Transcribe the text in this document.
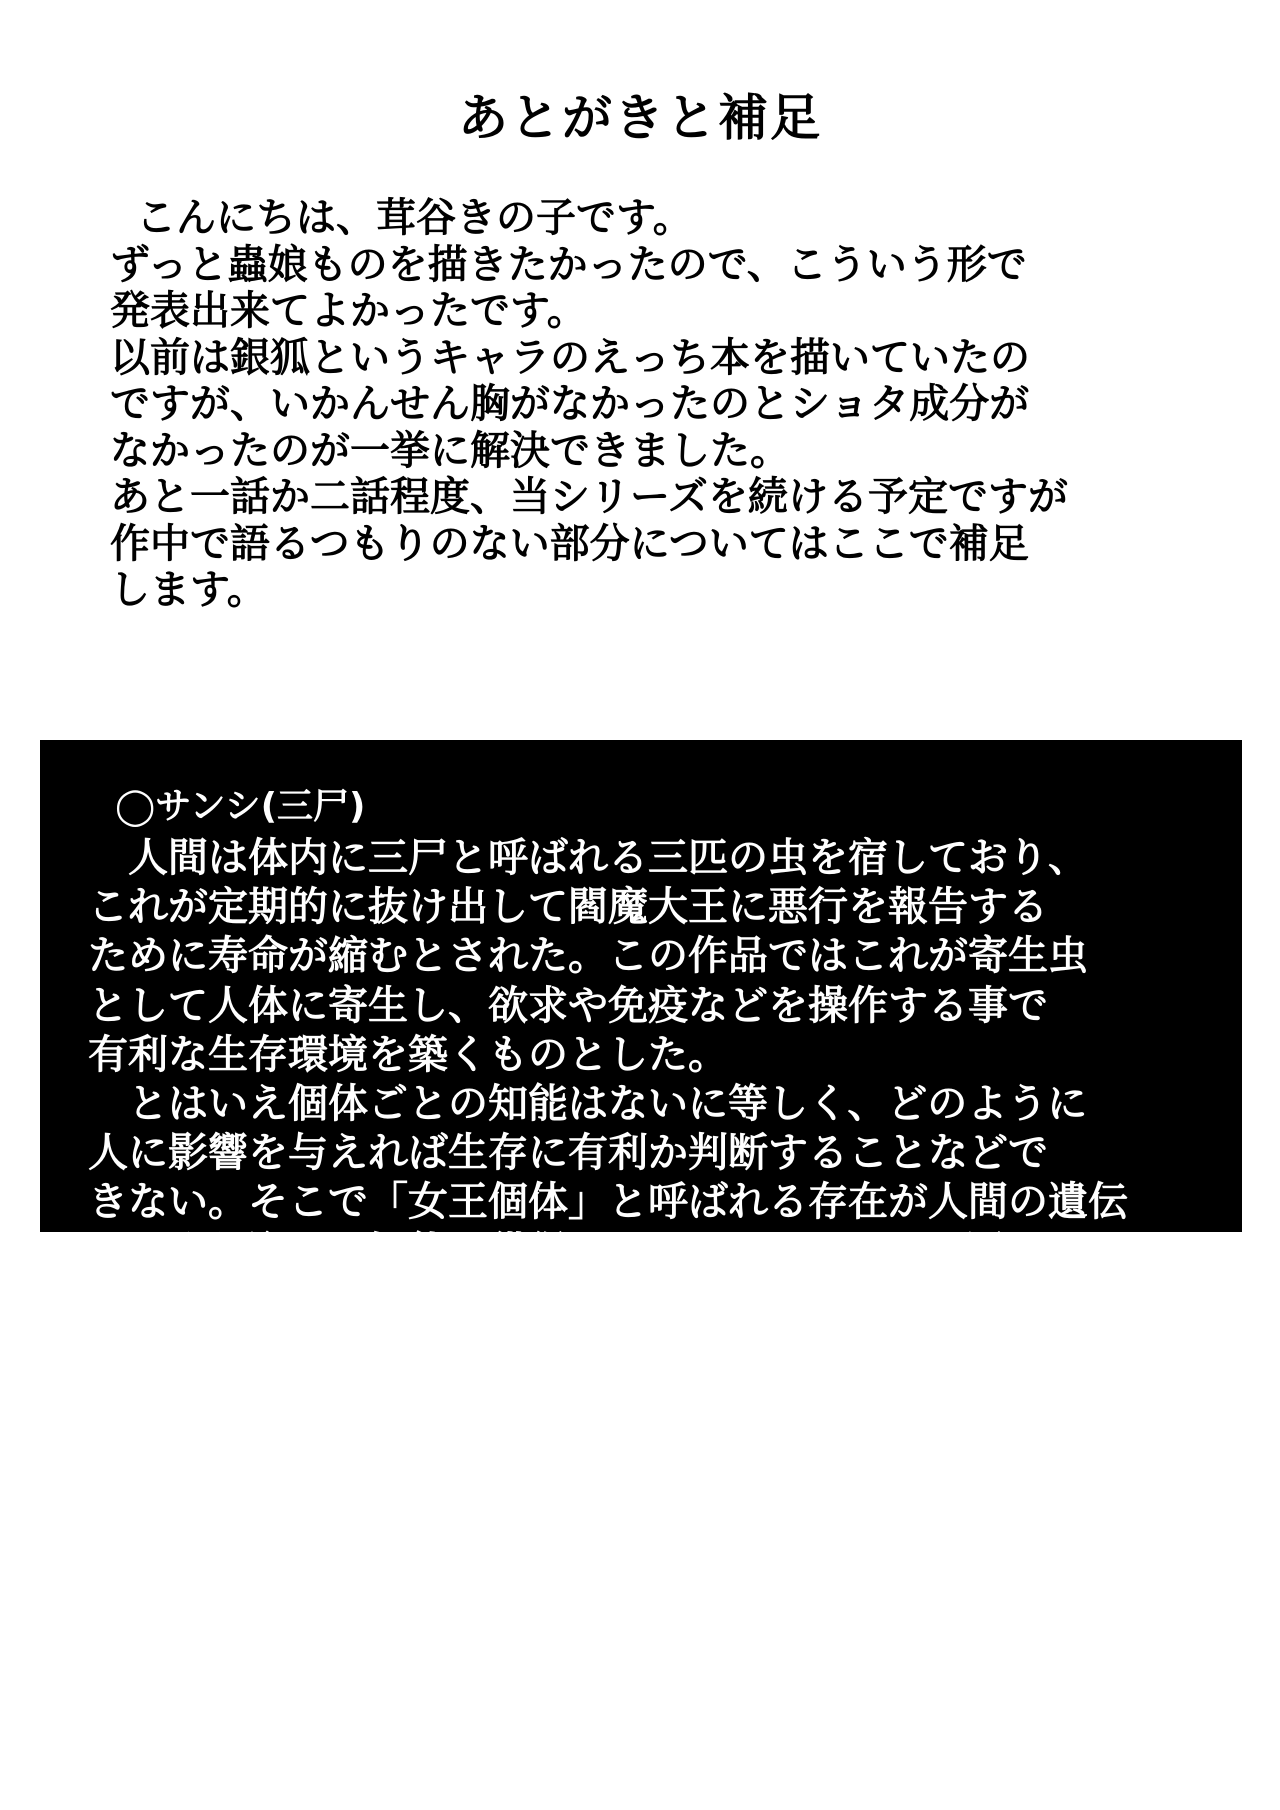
あとがきと補足
こんにちは、茸谷きの子です。
ずっと蟲娘ものを描きたかったので、こういう形で
発表出来てよかったです。
以前は銀狐というキャラのえっち本を描いていたの
ですが、いかんせん胸がなかったのとショタ成分が
なかったのが一挙に解決できました。
あと一話か二話程度、当シリーズを続ける予定ですが
作中で語るつもりのない部分についてはここで補足
します。
◯サンシ(三尸)
　人間は体内に三尸と呼ばれる三匹の虫を宿しており、
これが定期的に抜け出して閻魔大王に悪行を報告する
ために寿命が縮むとされた。この作品ではこれが寄生虫
として人体に寄生し、欲求や免疫などを操作する事で
有利な生存環境を築くものとした。
　とはいえ個体ごとの知能はないに等しく、どのように
人に影響を与えれば生存に有利か判断することなどで
きない。そこで「女王個体」と呼ばれる存在が人間の遺伝
子を取り込んで知能を獲得し、フェロモンなどを通じて
その地域の三尸を操るのである。
「女王個体」は記憶を引き継げるが、それは取捨選択が
できる。人間のオスに関する記憶が引き継がれやすい。
これは人間のオスの腹に女王個体の卵を産み付けるため
である。
